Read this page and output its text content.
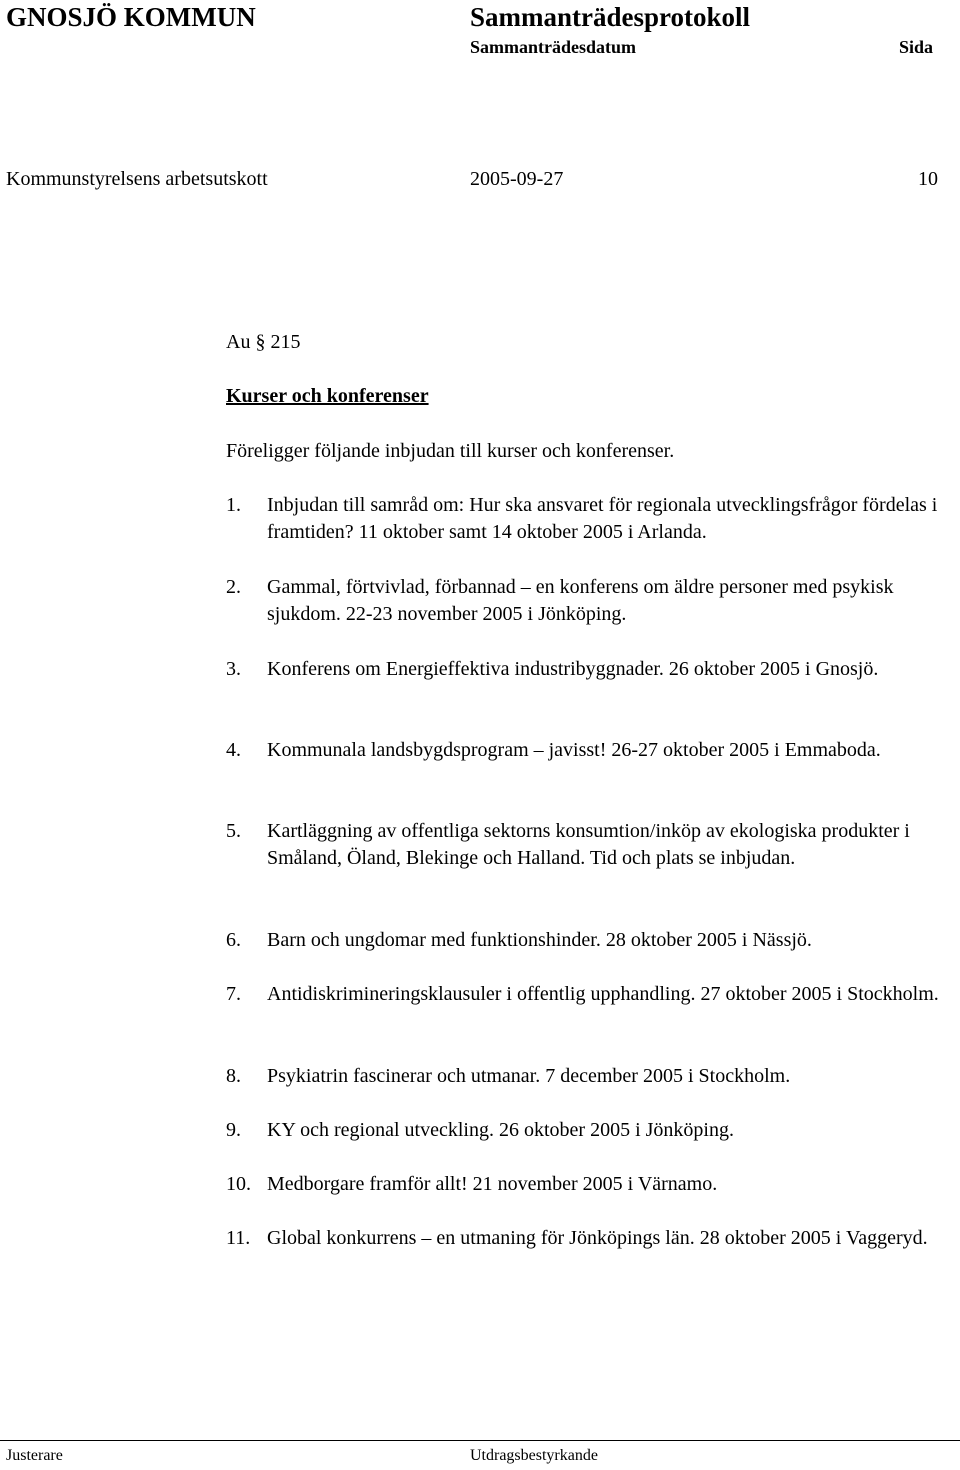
GNOSJÖ KOMMUN	Sammanträdesprotokoll
Sammanträdesdatum	Sida
Kommunstyrelsens arbetsutskott	2005-09-27	10
Au § 215
Kurser och konferenser
Föreligger följande inbjudan till kurser och konferenser.
1. Inbjudan till samråd om: Hur ska ansvaret för regionala utvecklingsfrågor fördelas i framtiden? 11 oktober samt 14 oktober 2005 i Arlanda.
2. Gammal, förtvivlad, förbannad – en konferens om äldre personer med psykisk sjukdom. 22-23 november 2005 i Jönköping.
3. Konferens om Energieffektiva industribyggnader. 26 oktober 2005 i Gnosjö.
4. Kommunala landsbygdsprogram – javisst! 26-27 oktober 2005 i Emmaboda.
5. Kartläggning av offentliga sektorns konsumtion/inköp av ekologiska produkter i Småland, Öland, Blekinge och Halland. Tid och plats se inbjudan.
6. Barn och ungdomar med funktionshinder. 28 oktober 2005 i Nässjö.
7. Antidiskrimineringsklausuler i offentlig upphandling. 27 oktober 2005 i Stockholm.
8. Psykiatrin fascinerar och utmanar. 7 december 2005 i Stockholm.
9. KY och regional utveckling. 26 oktober 2005 i Jönköping.
10. Medborgare framför allt! 21 november 2005 i Värnamo.
11. Global konkurrens – en utmaning för Jönköpings län. 28 oktober 2005 i Vaggeryd.
Justerare	Utdragsbestyrkande
